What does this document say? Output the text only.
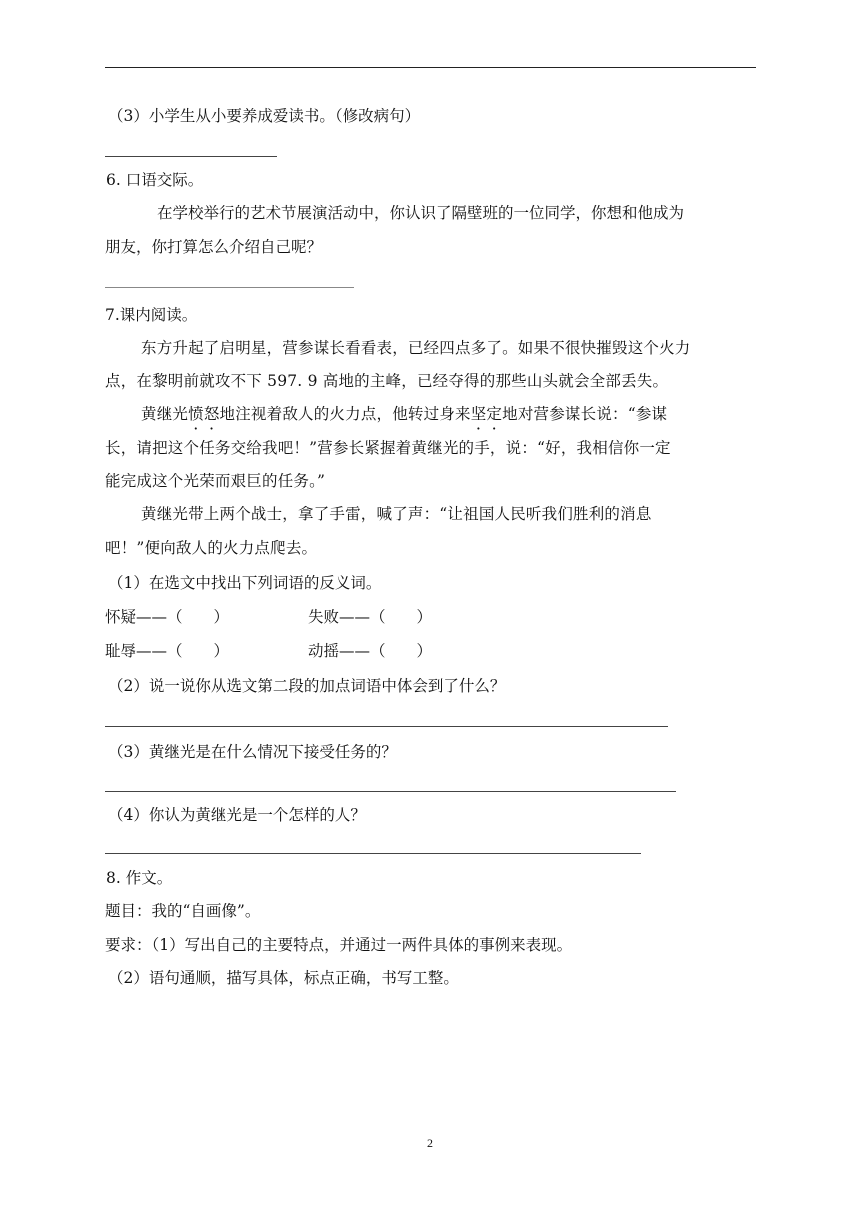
（3）小学生从小要养成爱读书。（修改病句）
6. 口语交际。
在学校举行的艺术节展演活动中，你认识了隔壁班的一位同学，你想和他成为
朋友，你打算怎么介绍自己呢？
7.课内阅读。
东方升起了启明星，营参谋长看看表，已经四点多了。如果不很快摧毁这个火力
点，在黎明前就攻不下 597. 9 高地的主峰，已经夺得的那些山头就会全部丢失。
黄继光愤怒地注视着敌人的火力点，他转过身来坚定地对营参谋长说：“参谋
长，请把这个任务交给我吧！”营参长紧握着黄继光的手，说：“好，我相信你一定
能完成这个光荣而艰巨的任务。”
黄继光带上两个战士，拿了手雷，喊了声：“让祖国人民听我们胜利的消息
吧！”便向敌人的火力点爬去。
（1）在选文中找出下列词语的反义词。
怀疑——（　　）	失败——（　　）
耻辱——（　　）	动摇——（　　）
（2）说一说你从选文第二段的加点词语中体会到了什么？
（3）黄继光是在什么情况下接受任务的？
（4）你认为黄继光是一个怎样的人？
8. 作文。
题目：我的“自画像”。
要求：（1）写出自己的主要特点，并通过一两件具体的事例来表现。
（2）语句通顺，描写具体，标点正确，书写工整。
2
